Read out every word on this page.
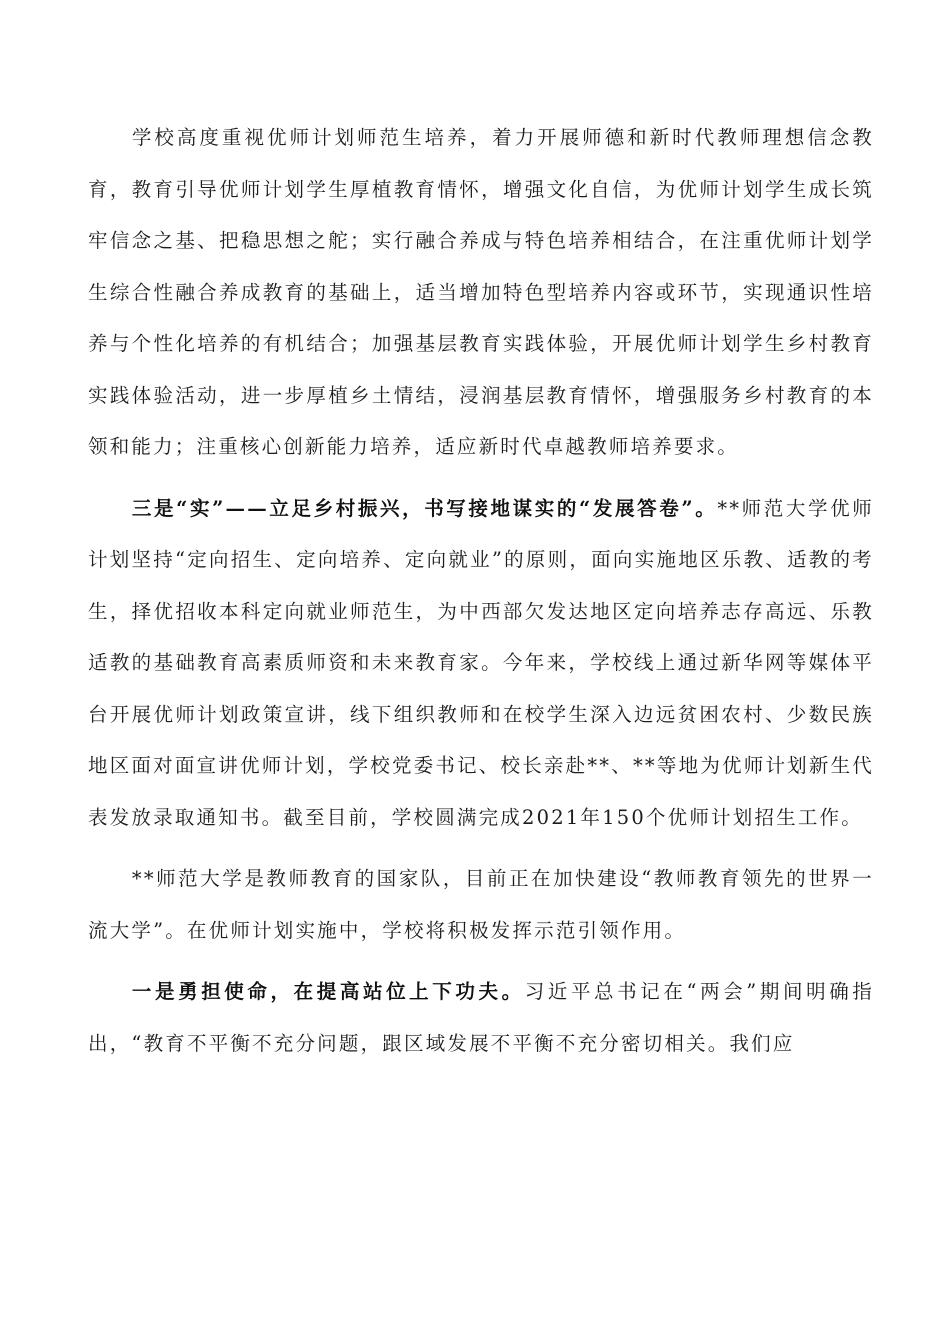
学校高度重视优师计划师范生培养，着力开展师德和新时代教师理想信念教育，教育引导优师计划学生厚植教育情怀，增强文化自信，为优师计划学生成长筑牢信念之基、把稳思想之舵；实行融合养成与特色培养相结合，在注重优师计划学生综合性融合养成教育的基础上，适当增加特色型培养内容或环节，实现通识性培养与个性化培养的有机结合；加强基层教育实践体验，开展优师计划学生乡村教育实践体验活动，进一步厚植乡土情结，浸润基层教育情怀，增强服务乡村教育的本领和能力；注重核心创新能力培养，适应新时代卓越教师培养要求。

三是“实”——立足乡村振兴，书写接地谋实的“发展答卷”。**师范大学优师计划坚持“定向招生、定向培养、定向就业”的原则，面向实施地区乐教、适教的考生，择优招收本科定向就业师范生，为中西部欠发达地区定向培养志存高远、乐教适教的基础教育高素质师资和未来教育家。今年来，学校线上通过新华网等媒体平台开展优师计划政策宣讲，线下组织教师和在校学生深入边远贫困农村、少数民族地区面对面宣讲优师计划，学校党委书记、校长亲赴**、**等地为优师计划新生代表发放录取通知书。截至目前，学校圆满完成2021年150个优师计划招生工作。

**师范大学是教师教育的国家队，目前正在加快建设“教师教育领先的世界一流大学”。在优师计划实施中，学校将积极发挥示范引领作用。

一是勇担使命，在提高站位上下功夫。习近平总书记在“两会”期间明确指出，“教育不平衡不充分问题，跟区域发展不平衡不充分密切相关。我们应
